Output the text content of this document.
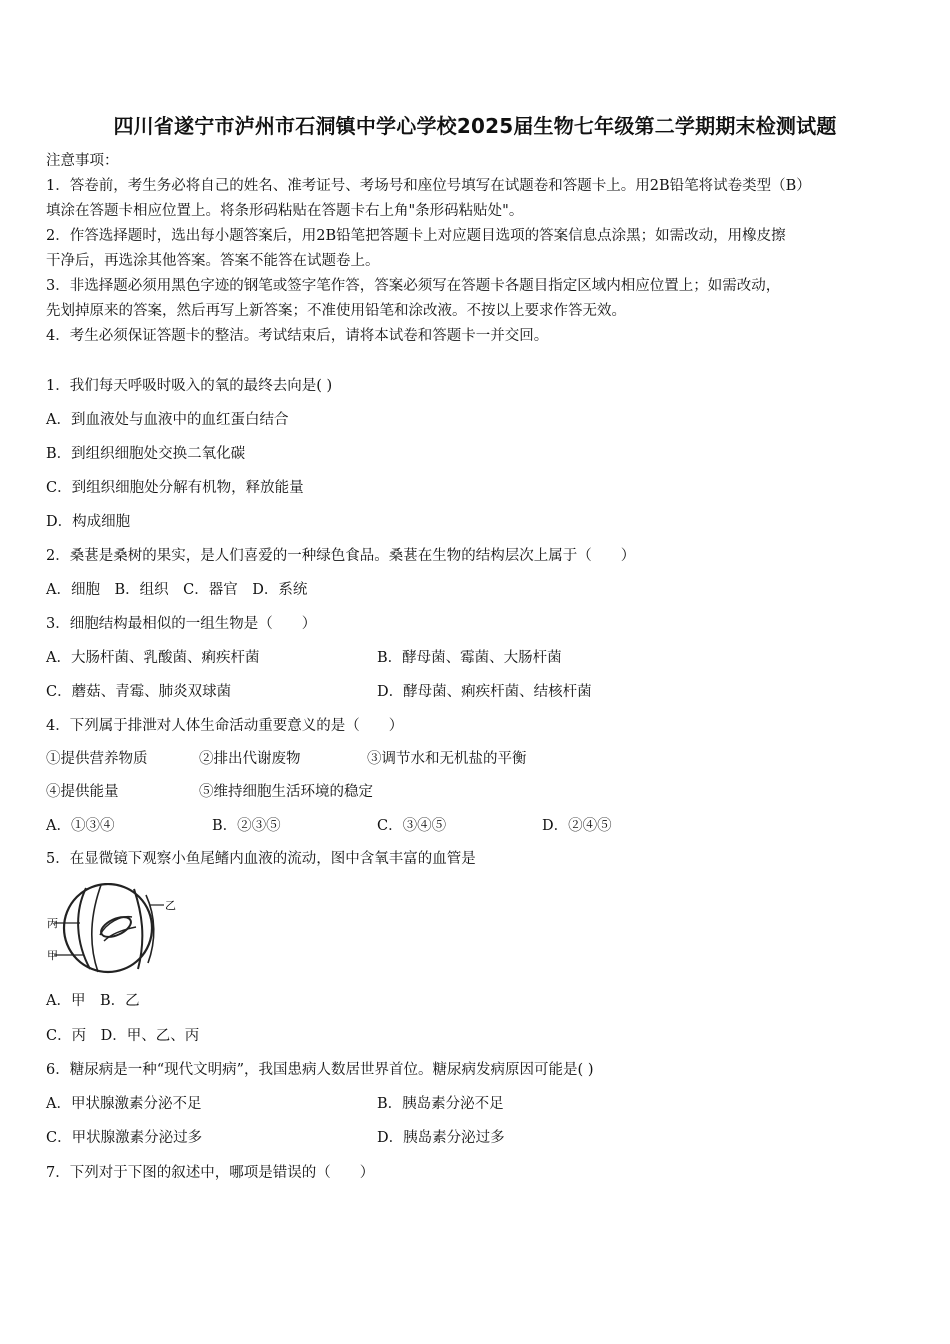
四川省遂宁市泸州市石洞镇中学心学校2025届生物七年级第二学期期末检测试题
注意事项：
1．答卷前，考生务必将自己的姓名、准考证号、考场号和座位号填写在试题卷和答题卡上。用2B铅笔将试卷类型（B）
填涂在答题卡相应位置上。将条形码粘贴在答题卡右上角"条形码粘贴处"。
2．作答选择题时，选出每小题答案后，用2B铅笔把答题卡上对应题目选项的答案信息点涂黑；如需改动，用橡皮擦
干净后，再选涂其他答案。答案不能答在试题卷上。
3．非选择题必须用黑色字迹的钢笔或签字笔作答，答案必须写在答题卡各题目指定区域内相应位置上；如需改动，
先划掉原来的答案，然后再写上新答案；不准使用铅笔和涂改液。不按以上要求作答无效。
4．考生必须保证答题卡的整洁。考试结束后，请将本试卷和答题卡一并交回。
1．我们每天呼吸时吸入的氧的最终去向是( )
A．到血液处与血液中的血红蛋白结合
B．到组织细胞处交换二氧化碳
C．到组织细胞处分解有机物，释放能量
D．构成细胞
2．桑葚是桑树的果实，是人们喜爱的一种绿色食品。桑葚在生物的结构层次上属于（　　）
A．细胞　B．组织　C．器官　D．系统
3．细胞结构最相似的一组生物是（　　）
A．大肠杆菌、乳酸菌、痢疾杆菌	B．酵母菌、霉菌、大肠杆菌
C．蘑菇、青霉、肺炎双球菌	D．酵母菌、痢疾杆菌、结核杆菌
4．下列属于排泄对人体生命活动重要意义的是（　　）
①提供营养物质	②排出代谢废物	③调节水和无机盐的平衡
④提供能量	⑤维持细胞生活环境的稳定
A．①③④	B．②③⑤	C．③④⑤	D．②④⑤
5．在显微镜下观察小鱼尾鳍内血液的流动，图中含氧丰富的血管是
丙
甲
乙
A．甲　B．乙
C．丙　D．甲、乙、丙
6．糖尿病是一种“现代文明病”，我国患病人数居世界首位。糖尿病发病原因可能是( )
A．甲状腺激素分泌不足	B．胰岛素分泌不足
C．甲状腺激素分泌过多	D．胰岛素分泌过多
7．下列对于下图的叙述中，哪项是错误的（　　）
